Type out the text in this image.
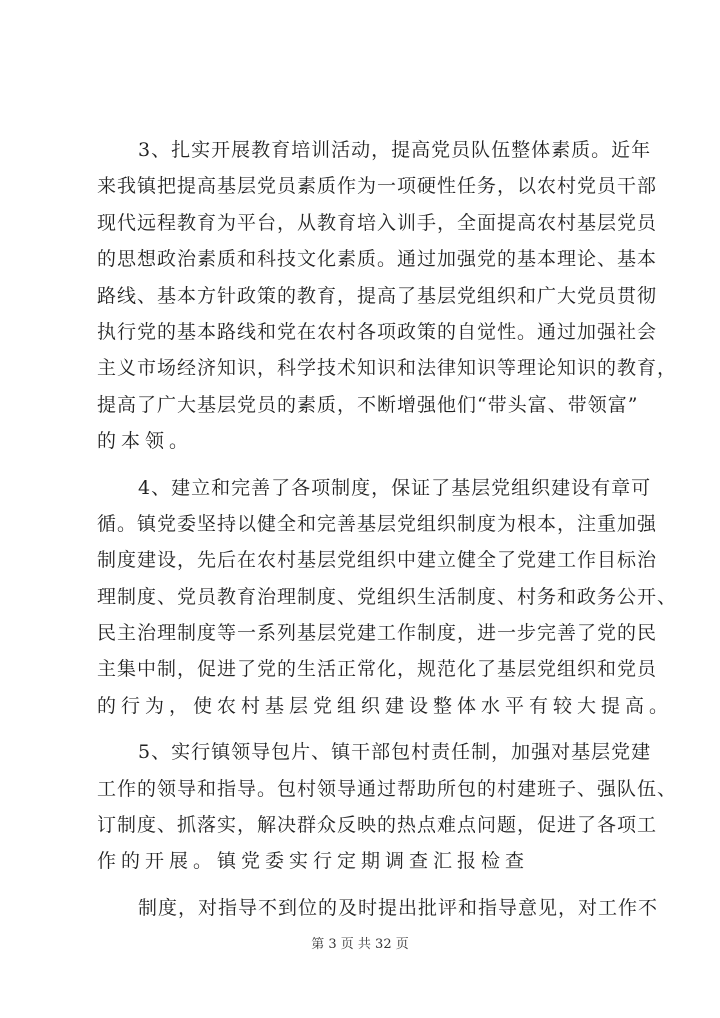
3、扎实开展教育培训活动，提高党员队伍整体素质。近年
来我镇把提高基层党员素质作为一项硬性任务，以农村党员干部
现代远程教育为平台，从教育培入训手，全面提高农村基层党员
的思想政治素质和科技文化素质。通过加强党的基本理论、基本
路线、基本方针政策的教育，提高了基层党组织和广大党员贯彻
执行党的基本路线和党在农村各项政策的自觉性。通过加强社会
主义市场经济知识，科学技术知识和法律知识等理论知识的教育，
提高了广大基层党员的素质，不断增强他们“带头富、带领富”
的本领。
4、建立和完善了各项制度，保证了基层党组织建设有章可
循。镇党委坚持以健全和完善基层党组织制度为根本，注重加强
制度建设，先后在农村基层党组织中建立健全了党建工作目标治
理制度、党员教育治理制度、党组织生活制度、村务和政务公开、
民主治理制度等一系列基层党建工作制度，进一步完善了党的民
主集中制，促进了党的生活正常化，规范化了基层党组织和党员
的行为，使农村基层党组织建设整体水平有较大提高。
5、实行镇领导包片、镇干部包村责任制，加强对基层党建
工作的领导和指导。包村领导通过帮助所包的村建班子、强队伍、
订制度、抓落实，解决群众反映的热点难点问题，促进了各项工
作的开展。镇党委实行定期调查汇报检查
制度，对指导不到位的及时提出批评和指导意见，对工作不
第 3 页 共 32 页
